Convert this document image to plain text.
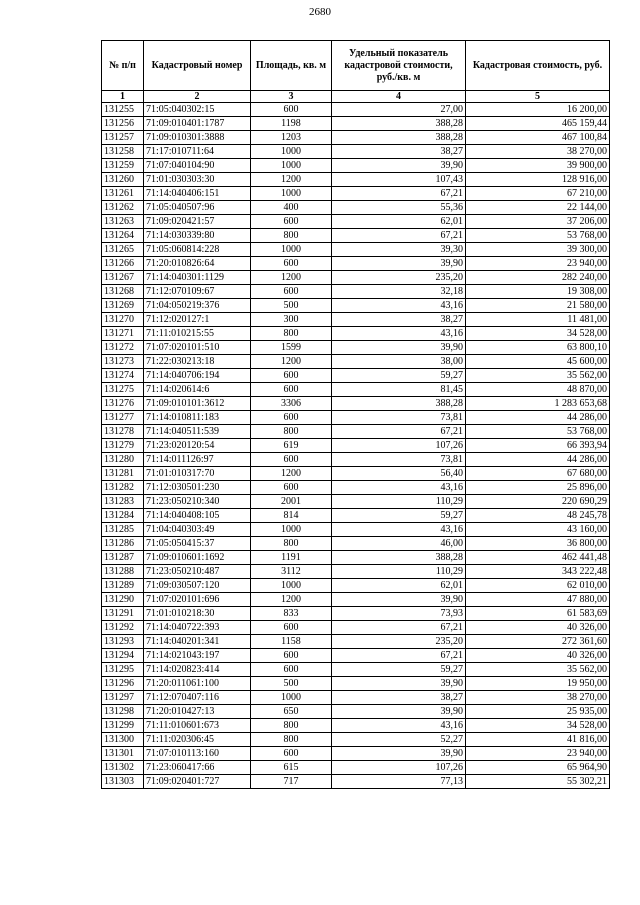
2680
№ п/п	Кадастровый номер	Площадь, кв. м	Удельный показатель кадастровой стоимости, руб./кв. м	Кадастровая стоимость, руб.
1	2	3	4	5
131255	71:05:040302:15	600	27,00	16 200,00
131256	71:09:010401:1787	1198	388,28	465 159,44
131257	71:09:010301:3888	1203	388,28	467 100,84
131258	71:17:010711:64	1000	38,27	38 270,00
131259	71:07:040104:90	1000	39,90	39 900,00
131260	71:01:030303:30	1200	107,43	128 916,00
131261	71:14:040406:151	1000	67,21	67 210,00
131262	71:05:040507:96	400	55,36	22 144,00
131263	71:09:020421:57	600	62,01	37 206,00
131264	71:14:030339:80	800	67,21	53 768,00
131265	71:05:060814:228	1000	39,30	39 300,00
131266	71:20:010826:64	600	39,90	23 940,00
131267	71:14:040301:1129	1200	235,20	282 240,00
131268	71:12:070109:67	600	32,18	19 308,00
131269	71:04:050219:376	500	43,16	21 580,00
131270	71:12:020127:1	300	38,27	11 481,00
131271	71:11:010215:55	800	43,16	34 528,00
131272	71:07:020101:510	1599	39,90	63 800,10
131273	71:22:030213:18	1200	38,00	45 600,00
131274	71:14:040706:194	600	59,27	35 562,00
131275	71:14:020614:6	600	81,45	48 870,00
131276	71:09:010101:3612	3306	388,28	1 283 653,68
131277	71:14:010811:183	600	73,81	44 286,00
131278	71:14:040511:539	800	67,21	53 768,00
131279	71:23:020120:54	619	107,26	66 393,94
131280	71:14:011126:97	600	73,81	44 286,00
131281	71:01:010317:70	1200	56,40	67 680,00
131282	71:12:030501:230	600	43,16	25 896,00
131283	71:23:050210:340	2001	110,29	220 690,29
131284	71:14:040408:105	814	59,27	48 245,78
131285	71:04:040303:49	1000	43,16	43 160,00
131286	71:05:050415:37	800	46,00	36 800,00
131287	71:09:010601:1692	1191	388,28	462 441,48
131288	71:23:050210:487	3112	110,29	343 222,48
131289	71:09:030507:120	1000	62,01	62 010,00
131290	71:07:020101:696	1200	39,90	47 880,00
131291	71:01:010218:30	833	73,93	61 583,69
131292	71:14:040722:393	600	67,21	40 326,00
131293	71:14:040201:341	1158	235,20	272 361,60
131294	71:14:021043:197	600	67,21	40 326,00
131295	71:14:020823:414	600	59,27	35 562,00
131296	71:20:011061:100	500	39,90	19 950,00
131297	71:12:070407:116	1000	38,27	38 270,00
131298	71:20:010427:13	650	39,90	25 935,00
131299	71:11:010601:673	800	43,16	34 528,00
131300	71:11:020306:45	800	52,27	41 816,00
131301	71:07:010113:160	600	39,90	23 940,00
131302	71:23:060417:66	615	107,26	65 964,90
131303	71:09:020401:727	717	77,13	55 302,21
